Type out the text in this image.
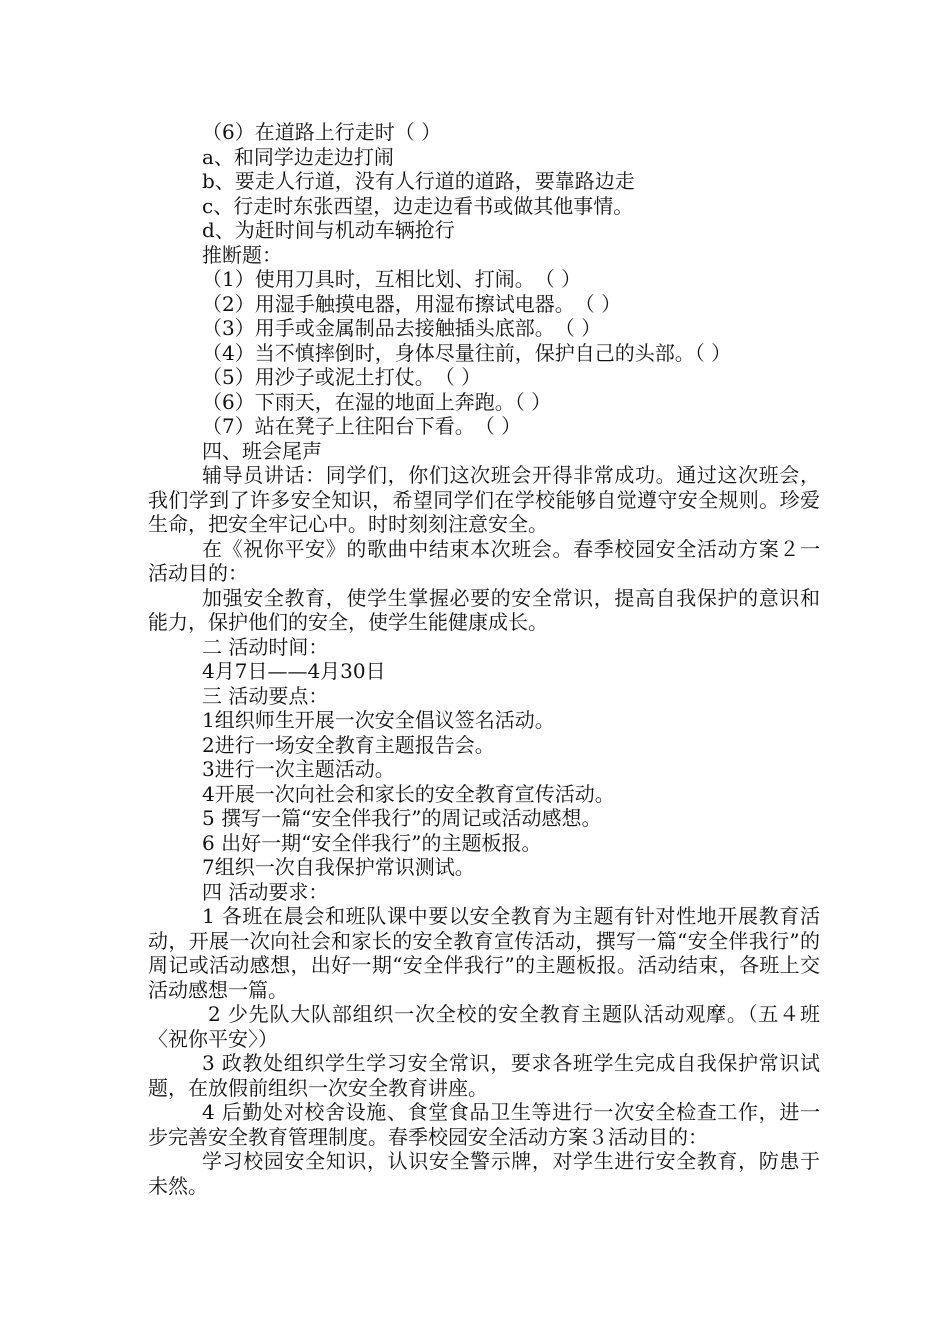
（6）在道路上行走时（ ）

a、和同学边走边打闹

b、要走人行道，没有人行道的道路，要靠路边走

c、行走时东张西望，边走边看书或做其他事情。

d、为赶时间与机动车辆抢行

推断题：

（1）使用刀具时，互相比划、打闹。　（ ）

（2）用湿手触摸电器，用湿布擦试电器。　（ ）

（3）用手或金属制品去接触插头底部。　（ ）

（4）当不慎摔倒时，身体尽量往前，保护自己的头部。（ ）

（5）用沙子或泥土打仗。　（ ）

（6）下雨天，在湿的地面上奔跑。（ ）

（7）站在凳子上往阳台下看。　（ ）

四、班会尾声

辅导员讲话：同学们，你们这次班会开得非常成功。通过这次班会，我们学到了许多安全知识，希望同学们在学校能够自觉遵守安全规则。珍爱生命，把安全牢记心中。时时刻刻注意安全。

在《祝你平安》的歌曲中结束本次班会。春季校园安全活动方案２一 活动目的：

加强安全教育，使学生掌握必要的安全常识，提高自我保护的意识和能力，保护他们的安全，使学生能健康成长。

二 活动时间：

4月7日——4月30日

三 活动要点：

1组织师生开展一次安全倡议签名活动。

2进行一场安全教育主题报告会。

3进行一次主题活动。

4开展一次向社会和家长的安全教育宣传活动。

5 撰写一篇“安全伴我行”的周记或活动感想。

6 出好一期“安全伴我行”的主题板报。

7组织一次自我保护常识测试。

四 活动要求：

1 各班在晨会和班队课中要以安全教育为主题有针对性地开展教育活动，开展一次向社会和家长的安全教育宣传活动，撰写一篇“安全伴我行”的周记或活动感想，出好一期“安全伴我行”的主题板报。活动结束，各班上交活动感想一篇。

2 少先队大队部组织一次全校的安全教育主题队活动观摩。（五４班〈祝你平安〉）

3 政教处组织学生学习安全常识，要求各班学生完成自我保护常识试题，在放假前组织一次安全教育讲座。

4 后勤处对校舍设施、食堂食品卫生等进行一次安全检查工作，进一步完善安全教育管理制度。春季校园安全活动方案３活动目的：

学习校园安全知识，认识安全警示牌，对学生进行安全教育，防患于未然。
